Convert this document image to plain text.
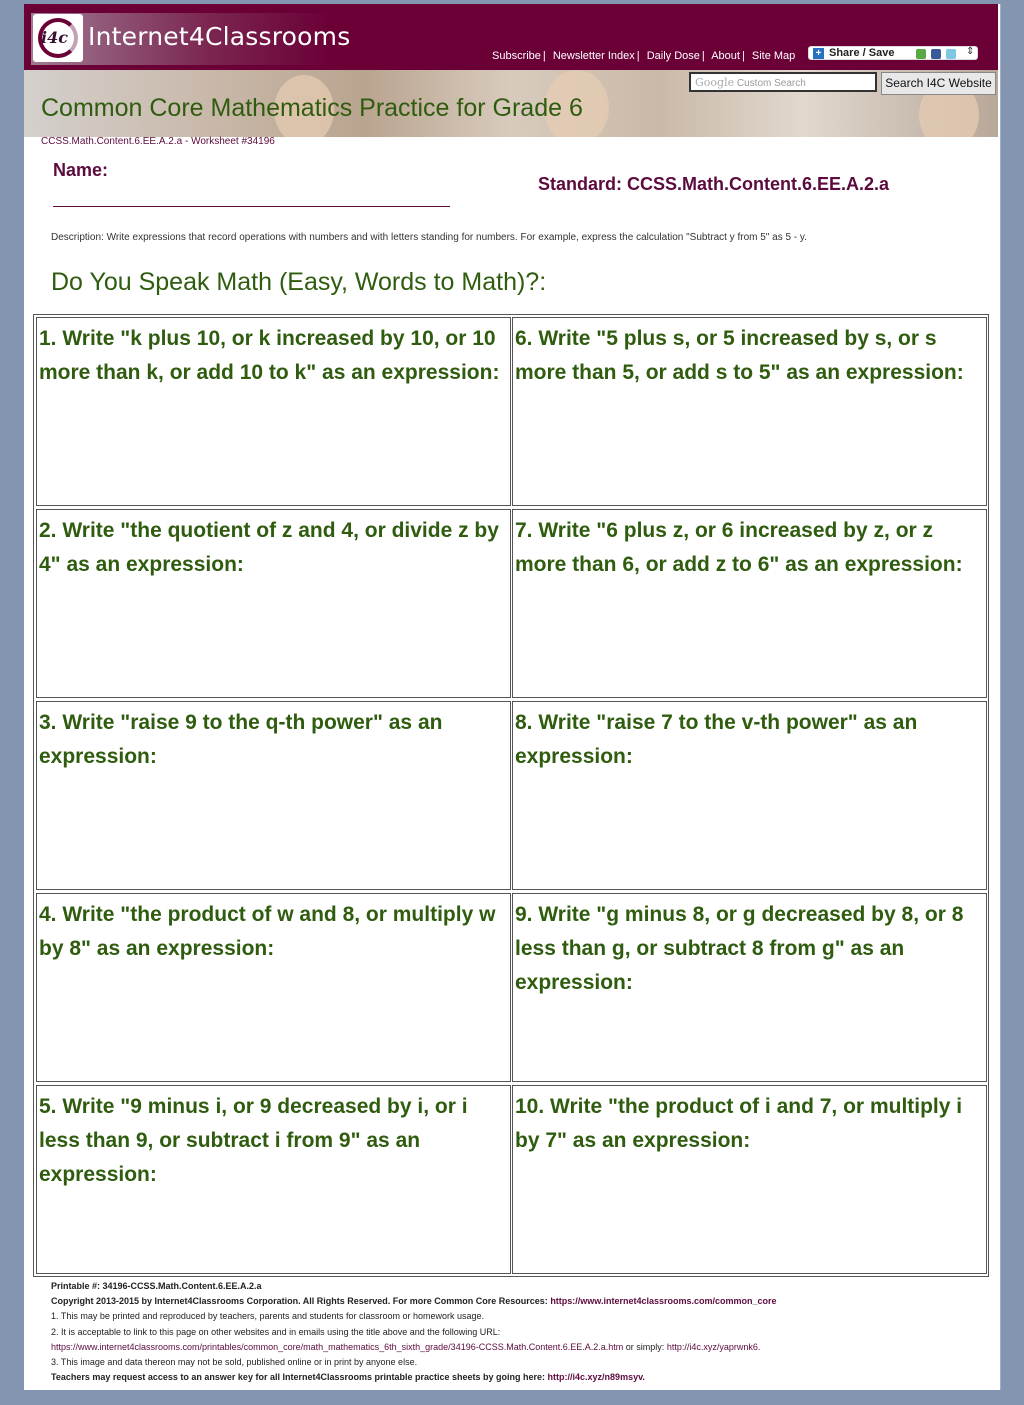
i4c Internet4Classrooms
Subscribe | Newsletter Index | Daily Dose | About | Site Map + Share / Save	⇕
Common Core Mathematics Practice for Grade 6
Google Custom Search	Search I4C Website
CCSS.Math.Content.6.EE.A.2.a - Worksheet #34196
Name:
Standard: CCSS.Math.Content.6.EE.A.2.a
Description: Write expressions that record operations with numbers and with letters standing for numbers. For example, express the calculation "Subtract y from 5" as 5 - y.
Do You Speak Math (Easy, Words to Math)?:
1. Write "k plus 10, or k increased by 10, or 10 more than k, or add 10 to k" as an expression:
6. Write "5 plus s, or 5 increased by s, or s more than 5, or add s to 5" as an expression:
2. Write "the quotient of z and 4, or divide z by 4" as an expression:
7. Write "6 plus z, or 6 increased by z, or z more than 6, or add z to 6" as an expression:
3. Write "raise 9 to the q-th power" as an expression:
8. Write "raise 7 to the v-th power" as an expression:
4. Write "the product of w and 8, or multiply w by 8" as an expression:
9. Write "g minus 8, or g decreased by 8, or 8 less than g, or subtract 8 from g" as an expression:
5. Write "9 minus i, or 9 decreased by i, or i less than 9, or subtract i from 9" as an expression:
10. Write "the product of i and 7, or multiply i by 7" as an expression:
Printable #: 34196-CCSS.Math.Content.6.EE.A.2.a
Copyright 2013-2015 by Internet4Classrooms Corporation. All Rights Reserved. For more Common Core Resources: https://www.internet4classrooms.com/common_core
1. This may be printed and reproduced by teachers, parents and students for classroom or homework usage.
2. It is acceptable to link to this page on other websites and in emails using the title above and the following URL:
https://www.internet4classrooms.com/printables/common_core/math_mathematics_6th_sixth_grade/34196-CCSS.Math.Content.6.EE.A.2.a.htm or simply: http://i4c.xyz/yaprwnk6.
3. This image and data thereon may not be sold, published online or in print by anyone else.
Teachers may request access to an answer key for all Internet4Classrooms printable practice sheets by going here: http://i4c.xyz/n89msyv.
